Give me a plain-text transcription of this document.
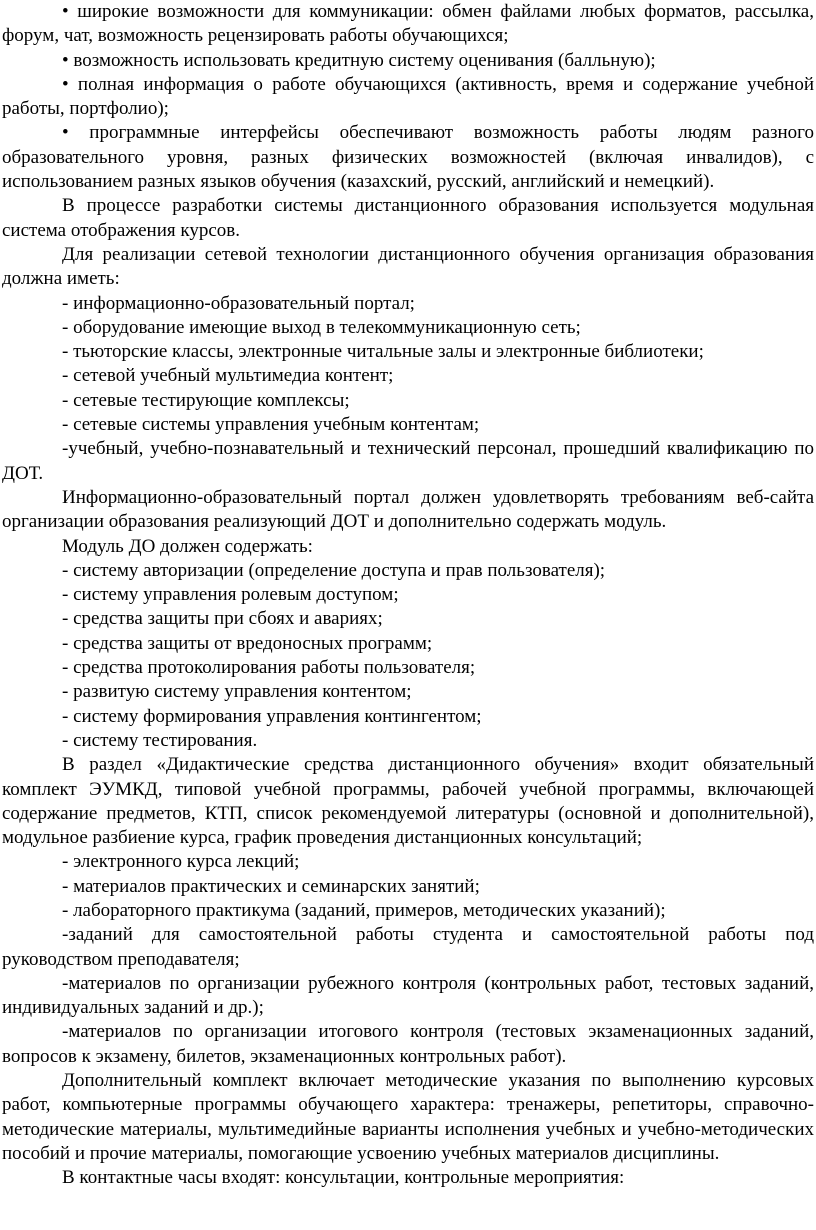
• широкие возможности для коммуникации: обмен файлами любых форматов, рассылка, форум, чат, возможность рецензировать работы обучающихся;

• возможность использовать кредитную систему оценивания (балльную);

• полная информация о работе обучающихся (активность, время и содержание учебной работы, портфолио);

• программные интерфейсы обеспечивают возможность работы людям разного образовательного уровня, разных физических возможностей (включая инвалидов), с использованием разных языков обучения (казахский, русский, английский и немецкий).

В процессе разработки системы дистанционного образования используется модульная система отображения курсов.

Для реализации сетевой технологии дистанционного обучения организация образования должна иметь:

- информационно-образовательный портал;

- оборудование имеющие выход в телекоммуникационную сеть;

- тьюторские классы, электронные читальные залы и электронные библиотеки;

- сетевой учебный мультимедиа контент;

- сетевые тестирующие комплексы;

- сетевые системы управления учебным контентам;

-учебный, учебно-познавательный и технический персонал, прошедший квалификацию по ДОТ.

Информационно-образовательный портал должен удовлетворять требованиям веб-сайта организации образования реализующий ДОТ и дополнительно содержать модуль.

Модуль ДО должен содержать:

- систему авторизации (определение доступа и прав пользователя);

- систему управления ролевым доступом;

- средства защиты при сбоях и авариях;

- средства защиты от вредоносных программ;

- средства протоколирования работы пользователя;

- развитую систему управления контентом;

- систему формирования управления контингентом;

- систему тестирования.

В раздел «Дидактические средства дистанционного обучения» входит обязательный комплект ЭУМКД, типовой учебной программы, рабочей учебной программы, включающей содержание предметов, КТП, список рекомендуемой литературы (основной и дополнительной), модульное разбиение курса, график проведения дистанционных консультаций;

- электронного курса лекций;

- материалов практических и семинарских занятий;

- лабораторного практикума (заданий, примеров, методических указаний);

-заданий для самостоятельной работы студента и самостоятельной работы под руководством преподавателя;

-материалов по организации рубежного контроля (контрольных работ, тестовых заданий, индивидуальных заданий и др.);

-материалов по организации итогового контроля (тестовых экзаменационных заданий, вопросов к экзамену, билетов, экзаменационных контрольных работ).

Дополнительный комплект включает методические указания по выполнению курсовых работ, компьютерные программы обучающего характера: тренажеры, репетиторы, справочно-методические материалы, мультимедийные варианты исполнения учебных и учебно-методических пособий и прочие материалы, помогающие усвоению учебных материалов дисциплины.

В контактные часы входят: консультации, контрольные мероприятия:
